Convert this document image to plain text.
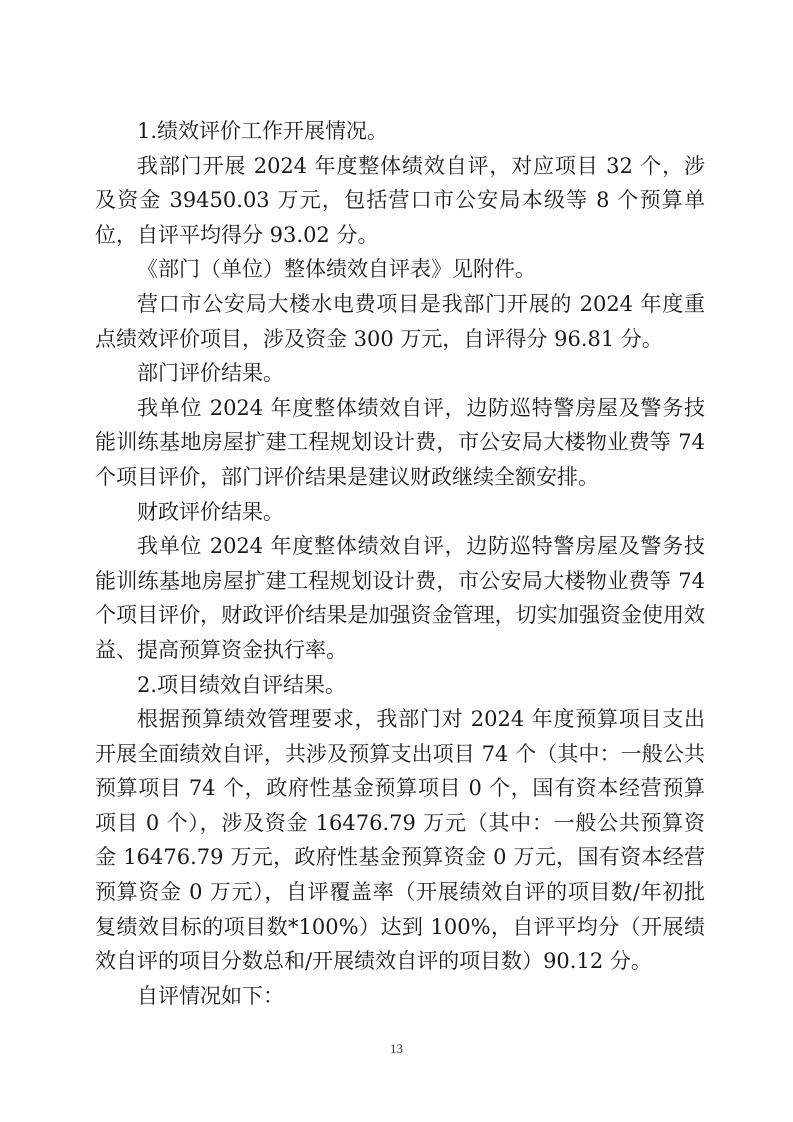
1.绩效评价工作开展情况。

我部门开展 2024 年度整体绩效自评，对应项目 32 个，涉及资金 39450.03 万元，包括营口市公安局本级等 8 个预算单位，自评平均得分 93.02 分。

《部门（单位）整体绩效自评表》见附件。

营口市公安局大楼水电费项目是我部门开展的 2024 年度重点绩效评价项目，涉及资金 300 万元，自评得分 96.81 分。

部门评价结果。

我单位 2024 年度整体绩效自评，边防巡特警房屋及警务技能训练基地房屋扩建工程规划设计费，市公安局大楼物业费等 74 个项目评价，部门评价结果是建议财政继续全额安排。

财政评价结果。

我单位 2024 年度整体绩效自评，边防巡特警房屋及警务技能训练基地房屋扩建工程规划设计费，市公安局大楼物业费等 74 个项目评价，财政评价结果是加强资金管理，切实加强资金使用效益、提高预算资金执行率。

2.项目绩效自评结果。

根据预算绩效管理要求，我部门对 2024 年度预算项目支出开展全面绩效自评，共涉及预算支出项目 74 个（其中：一般公共预算项目 74 个，政府性基金预算项目 0 个，国有资本经营预算项目 0 个），涉及资金 16476.79 万元（其中：一般公共预算资金 16476.79 万元，政府性基金预算资金 0 万元，国有资本经营预算资金 0 万元），自评覆盖率（开展绩效自评的项目数/年初批复绩效目标的项目数*100%）达到 100%，自评平均分（开展绩效自评的项目分数总和/开展绩效自评的项目数）90.12 分。

自评情况如下：

13
